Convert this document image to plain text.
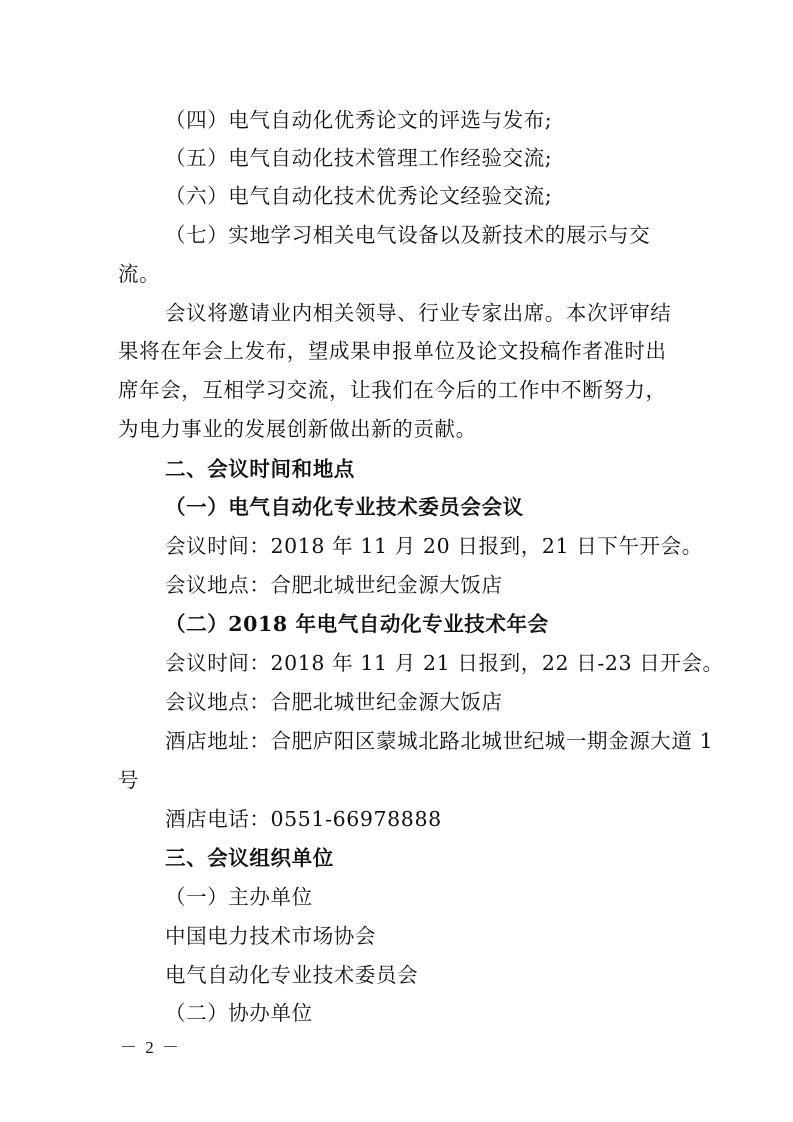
（四）电气自动化优秀论文的评选与发布;
（五）电气自动化技术管理工作经验交流;
（六）电气自动化技术优秀论文经验交流;
（七）实地学习相关电气设备以及新技术的展示与交
流。
会议将邀请业内相关领导、行业专家出席。本次评审结
果将在年会上发布，望成果申报单位及论文投稿作者准时出
席年会，互相学习交流，让我们在今后的工作中不断努力，
为电力事业的发展创新做出新的贡献。
二、会议时间和地点
（一）电气自动化专业技术委员会会议
会议时间：2018 年 11 月 20 日报到，21 日下午开会。
会议地点：合肥北城世纪金源大饭店
（二）2018 年电气自动化专业技术年会
会议时间：2018 年 11 月 21 日报到，22 日-23 日开会。
会议地点：合肥北城世纪金源大饭店
酒店地址：合肥庐阳区蒙城北路北城世纪城一期金源大道 1
号
酒店电话：0551-66978888
三、会议组织单位
（一）主办单位
中国电力技术市场协会
电气自动化专业技术委员会
（二）协办单位
－ 2 －
